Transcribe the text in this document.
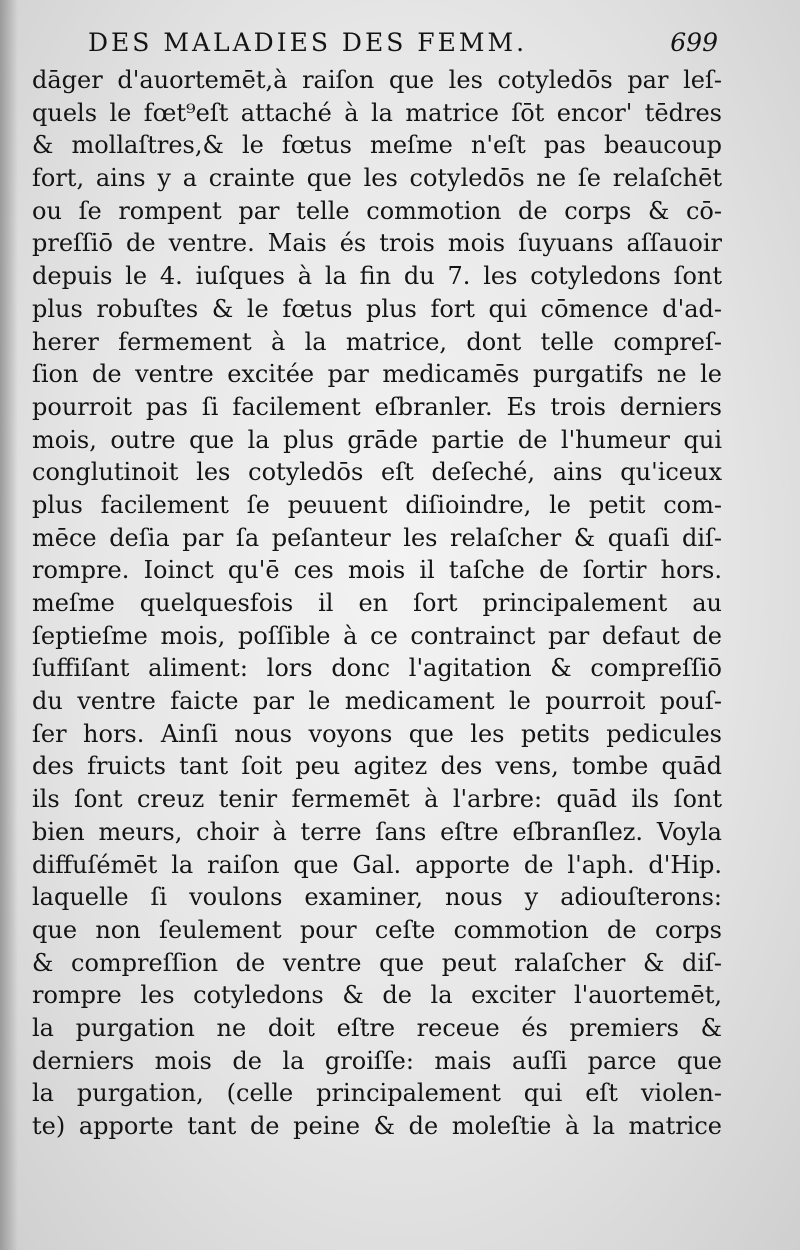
DES MALADIES DES FEMM.	699
dāger d'auortemēt,à raiſon que les cotyledōs par leſ-
quels le fœt⁹eſt attaché à la matrice ſōt encor' tēdres
& mollaſtres,& le fœtus meſme n'eſt pas beaucoup
fort, ains y a crainte que les cotyledōs ne ſe relaſchēt
ou ſe rompent par telle commotion de corps & cō-
preſſiō de ventre. Mais és trois mois ſuyuans aſſauoir
depuis le 4. iuſques à la fin du 7. les cotyledons ſont
plus robuſtes & le fœtus plus fort qui cōmence d'ad-
herer fermement à la matrice, dont telle compreſ-
ſion de ventre excitée par medicamēs purgatifs ne le
pourroit pas ſi facilement eſbranler. Es trois derniers
mois, outre que la plus grāde partie de l'humeur qui
conglutinoit les cotyledōs eſt deſeché, ains qu'iceux
plus facilement ſe peuuent diſioindre, le petit com-
mēce deſia par ſa peſanteur les relaſcher & quaſi diſ-
rompre. Ioinct qu'ē ces mois il taſche de ſortir hors.
meſme quelquesfois il en ſort principalement au
ſeptieſme mois, poſſible à ce contrainct par defaut de
ſuffiſant aliment: lors donc l'agitation & compreſſiō
du ventre faicte par le medicament le pourroit pouſ-
ſer hors. Ainſi nous voyons que les petits pedicules
des fruicts tant ſoit peu agitez des vens, tombe quād
ils ſont creuz tenir fermemēt à l'arbre: quād ils ſont
bien meurs, choir à terre ſans eſtre eſbranſlez. Voyla
diffuſémēt la raiſon que Gal. apporte de l'aph. d'Hip.
laquelle ſi voulons examiner, nous y adiouſterons:
que non ſeulement pour ceſte commotion de corps
& compreſſion de ventre que peut ralaſcher & diſ-
rompre les cotyledons & de la exciter l'auortemēt,
la purgation ne doit eſtre receue és premiers &
derniers mois de la groiſſe: mais auſſi parce que
la purgation, (celle principalement qui eſt violen-
te) apporte tant de peine & de moleſtie à la matrice
